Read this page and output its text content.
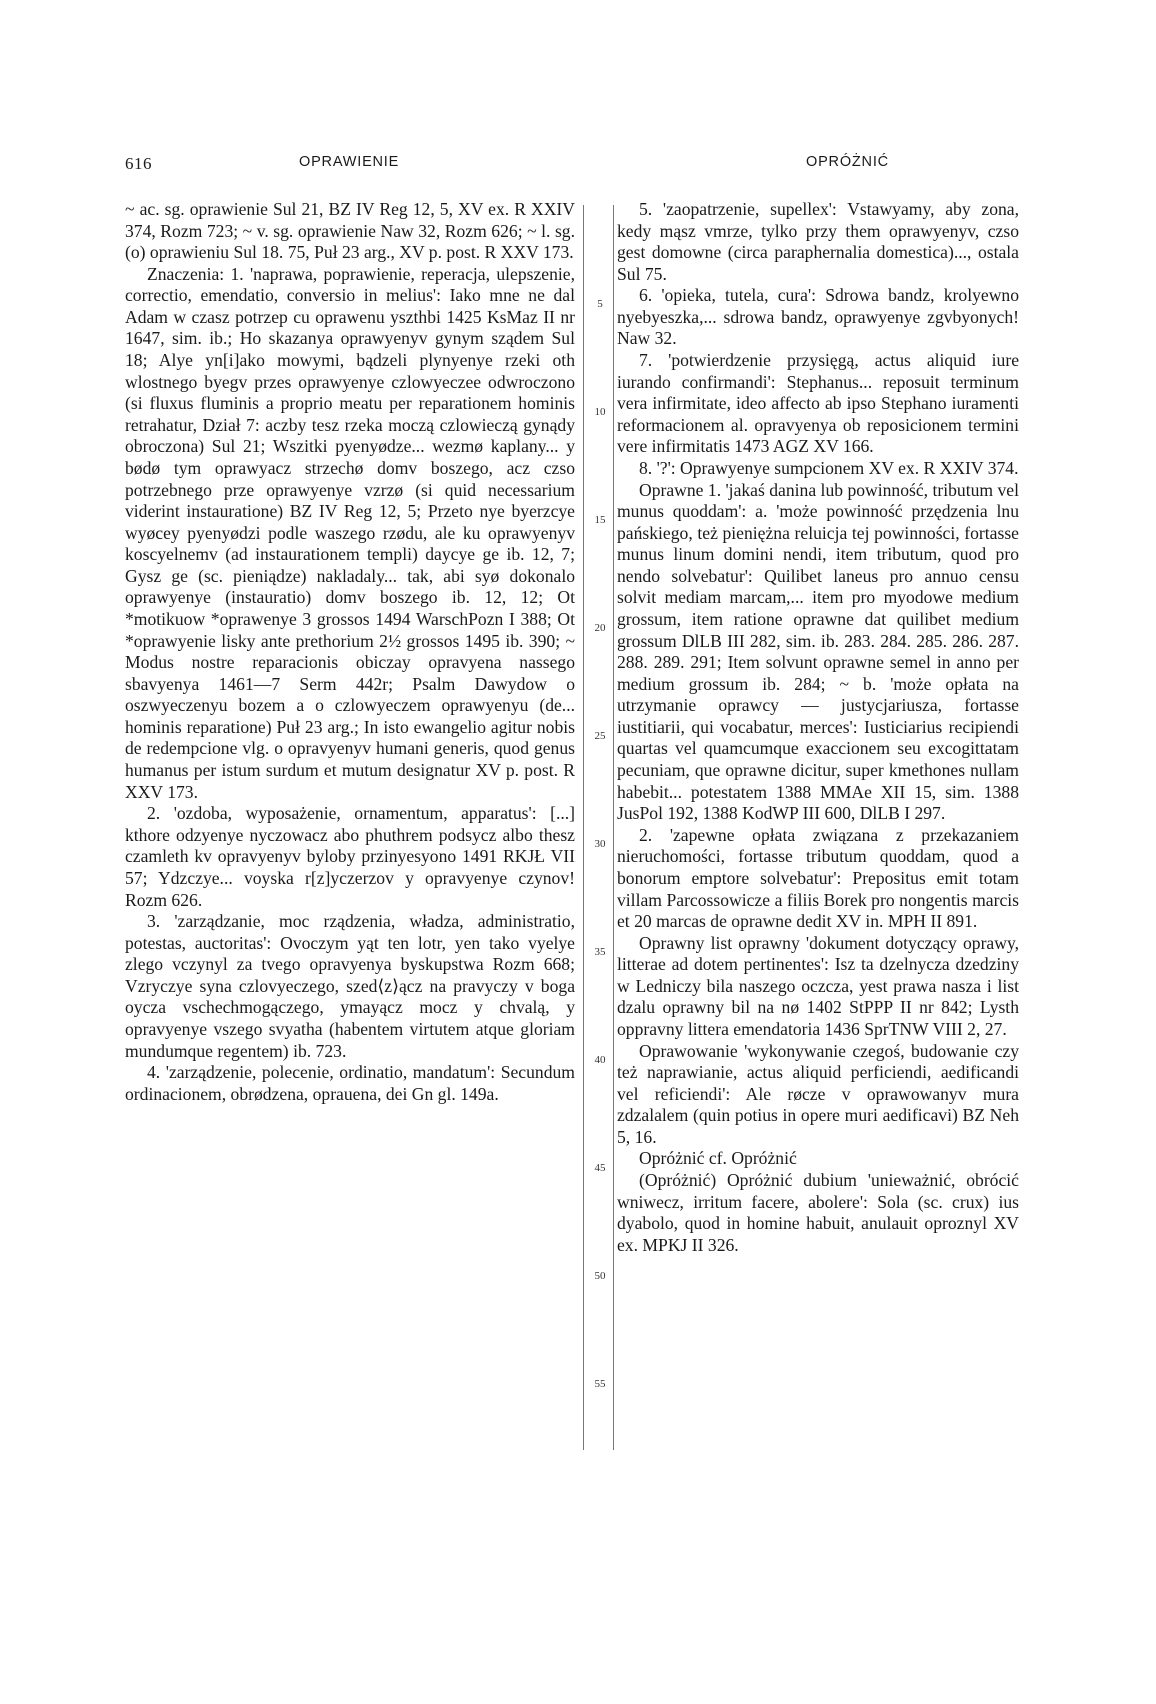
616	OPRAWIENIE	OPRÓŻNIĆ
5
10
15
20
25
30
35
40
45
50
55

~ ac. sg. oprawienie Sul 21, BZ IV Reg 12, 5, XV ex. R XXIV 374, Rozm 723; ~ v. sg. oprawienie Naw 32, Rozm 626; ~ l. sg. (o) oprawieniu Sul 18. 75, Puł 23 arg., XV p. post. R XXV 173.

Znaczenia: 1. 'naprawa, poprawienie, reperacja, ulepszenie, correctio, emendatio, conversio in melius': Iako mne ne dal Adam w czasz potrzep cu oprawenu yszthbi 1425 KsMaz II nr 1647, sim. ib.; Ho skazanya oprawyenyv gynym sządem Sul 18; Alye yn[i]ako mowymi, bądzeli plynyenye rzeki oth wlostnego byegv przes oprawyenye czlowyeczee odwroczono (si fluxus fluminis a proprio meatu per reparationem hominis retrahatur, Dział 7: aczby tesz rzeka moczą czlowieczą gynądy obroczona) Sul 21; Wszitki pyenyødze... wezmø kaplany... y bødø tym oprawyacz strzechø domv boszego, acz czso potrzebnego prze oprawyenye vzrzø (si quid necessarium viderint instauratione) BZ IV Reg 12, 5; Przeto nye byerzcye wyøcey pyenyødzi podle waszego rzødu, ale ku oprawyenyv koscyelnemv (ad instaurationem templi) daycye ge ib. 12, 7; Gysz ge (sc. pieniądze) nakladaly... tak, abi syø dokonalo oprawyenye (instauratio) domv boszego ib. 12, 12; Ot *motikuow *oprawenye 3 grossos 1494 WarschPozn I 388; Ot *oprawyenie lisky ante prethorium 2½ grossos 1495 ib. 390; ~ Modus nostre reparacionis obiczay opravyena nassego sbavyenya 1461—7 Serm 442r; Psalm Dawydow o oszwyeczenyu bozem a o czlowyeczem oprawyenyu (de... hominis reparatione) Puł 23 arg.; In isto ewangelio agitur nobis de redempcione vlg. o opravyenyv humani generis, quod genus humanus per istum surdum et mutum designatur XV p. post. R XXV 173.

2. 'ozdoba, wyposażenie, ornamentum, apparatus': [...] kthore odzyenye nyczowacz abo phuthrem podsycz albo thesz czamleth kv opravyenyv byloby przinyesyono 1491 RKJŁ VII 57; Ydzczye... voyska r[z]yczerzov y opravyenye czynov! Rozm 626.

3. 'zarządzanie, moc rządzenia, władza, administratio, potestas, auctoritas': Ovoczym yąt ten lotr, yen tako vyelye zlego vczynyl za tvego opravyenya byskupstwa Rozm 668; Vzryczye syna czlovyeczego, szed⟨z⟩ącz na pravyczy v boga oycza vschechmogączego, ymayącz mocz y chvalą, y opravyenye vszego svyatha (habentem virtutem atque gloriam mundumque regentem) ib. 723.

4. 'zarządzenie, polecenie, ordinatio, mandatum': Secundum ordinacionem, obrødzena, oprauena, dei Gn gl. 149a.

5. 'zaopatrzenie, supellex': Vstawyamy, aby zona, kedy mąsz vmrze, tylko przy them oprawyenyv, czso gest domowne (circa paraphernalia domestica)..., ostala Sul 75.

6. 'opieka, tutela, cura': Sdrowa bandz, krolyewno nyebyeszka,... sdrowa bandz, oprawyenye zgvbyonych! Naw 32.

7. 'potwierdzenie przysięgą, actus aliquid iure iurando confirmandi': Stephanus... reposuit terminum vera infirmitate, ideo affecto ab ipso Stephano iuramenti reformacionem al. opravyenya ob reposicionem termini vere infirmitatis 1473 AGZ XV 166.

8. '?': Oprawyenye sumpcionem XV ex. R XXIV 374.

Oprawne 1. 'jakaś danina lub powinność, tributum vel munus quoddam': a. 'może powinność przędzenia lnu pańskiego, też pieniężna reluicja tej powinności, fortasse munus linum domini nendi, item tributum, quod pro nendo solvebatur': Quilibet laneus pro annuo censu solvit mediam marcam,... item pro myodowe medium grossum, item ratione oprawne dat quilibet medium grossum DlLB III 282, sim. ib. 283. 284. 285. 286. 287. 288. 289. 291; Item solvunt oprawne semel in anno per medium grossum ib. 284; ~ b. 'może opłata na utrzymanie oprawcy — justycjariusza, fortasse iustitiarii, qui vocabatur, merces': Iusticiarius recipiendi quartas vel quamcumque exaccionem seu excogittatam pecuniam, que oprawne dicitur, super kmethones nullam habebit... potestatem 1388 MMAe XII 15, sim. 1388 JusPol 192, 1388 KodWP III 600, DlLB I 297.

2. 'zapewne opłata związana z przekazaniem nieruchomości, fortasse tributum quoddam, quod a bonorum emptore solvebatur': Prepositus emit totam villam Parcossowicze a filiis Borek pro nongentis marcis et 20 marcas de oprawne dedit XV in. MPH II 891.

Oprawny list oprawny 'dokument dotyczący oprawy, litterae ad dotem pertinentes': Isz ta dzelnycza dzedziny w Ledniczy bila naszego oczcza, yest prawa nasza i list dzalu oprawny bil na nø 1402 StPPP II nr 842; Lysth oppravny littera emendatoria 1436 SprTNW VIII 2, 27.

Oprawowanie 'wykonywanie czegoś, budowanie czy też naprawianie, actus aliquid perficiendi, aedificandi vel reficiendi': Ale røcze v oprawowanyv mura zdzalalem (quin potius in opere muri aedificavi) BZ Neh 5, 16.

Opróżnić cf. Opróżnić

(Opróżnić) Opróżnić dubium 'unieważnić, obrócić wniwecz, irritum facere, abolere': Sola (sc. crux) ius dyabolo, quod in homine habuit, anulauit oproznyl XV ex. MPKJ II 326.
